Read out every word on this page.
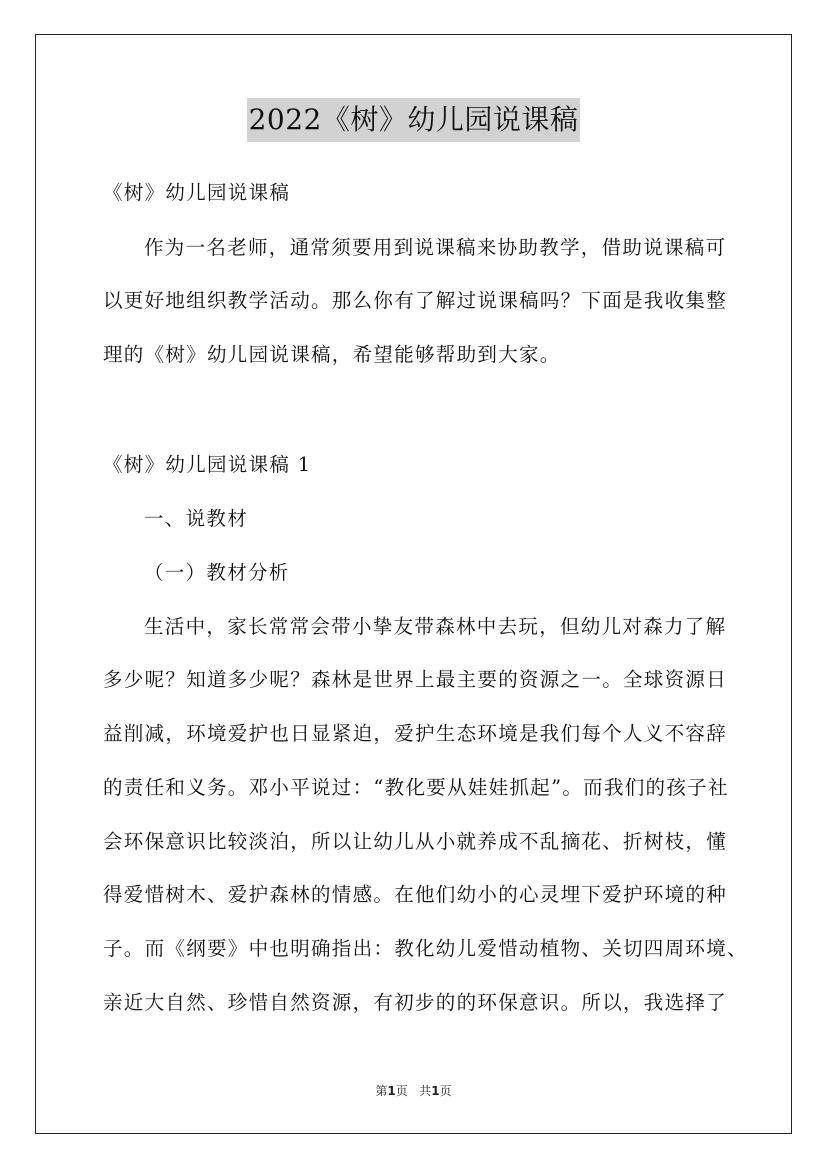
2022《树》幼儿园说课稿
《树》幼儿园说课稿
作为一名老师，通常须要用到说课稿来协助教学，借助说课稿可
以更好地组织教学活动。那么你有了解过说课稿吗？下面是我收集整
理的《树》幼儿园说课稿，希望能够帮助到大家。
《树》幼儿园说课稿 1
一、说教材
（一）教材分析
生活中，家长常常会带小挚友带森林中去玩，但幼儿对森力了解
多少呢？知道多少呢？森林是世界上最主要的资源之一。全球资源日
益削减，环境爱护也日显紧迫，爱护生态环境是我们每个人义不容辞
的责任和义务。邓小平说过：“教化要从娃娃抓起”。而我们的孩子社
会环保意识比较淡泊，所以让幼儿从小就养成不乱摘花、折树枝，懂
得爱惜树木、爱护森林的情感。在他们幼小的心灵埋下爱护环境的种
子。而《纲要》中也明确指出：教化幼儿爱惜动植物、关切四周环境、
亲近大自然、珍惜自然资源，有初步的的环保意识。所以，我选择了
第1页 共1页
